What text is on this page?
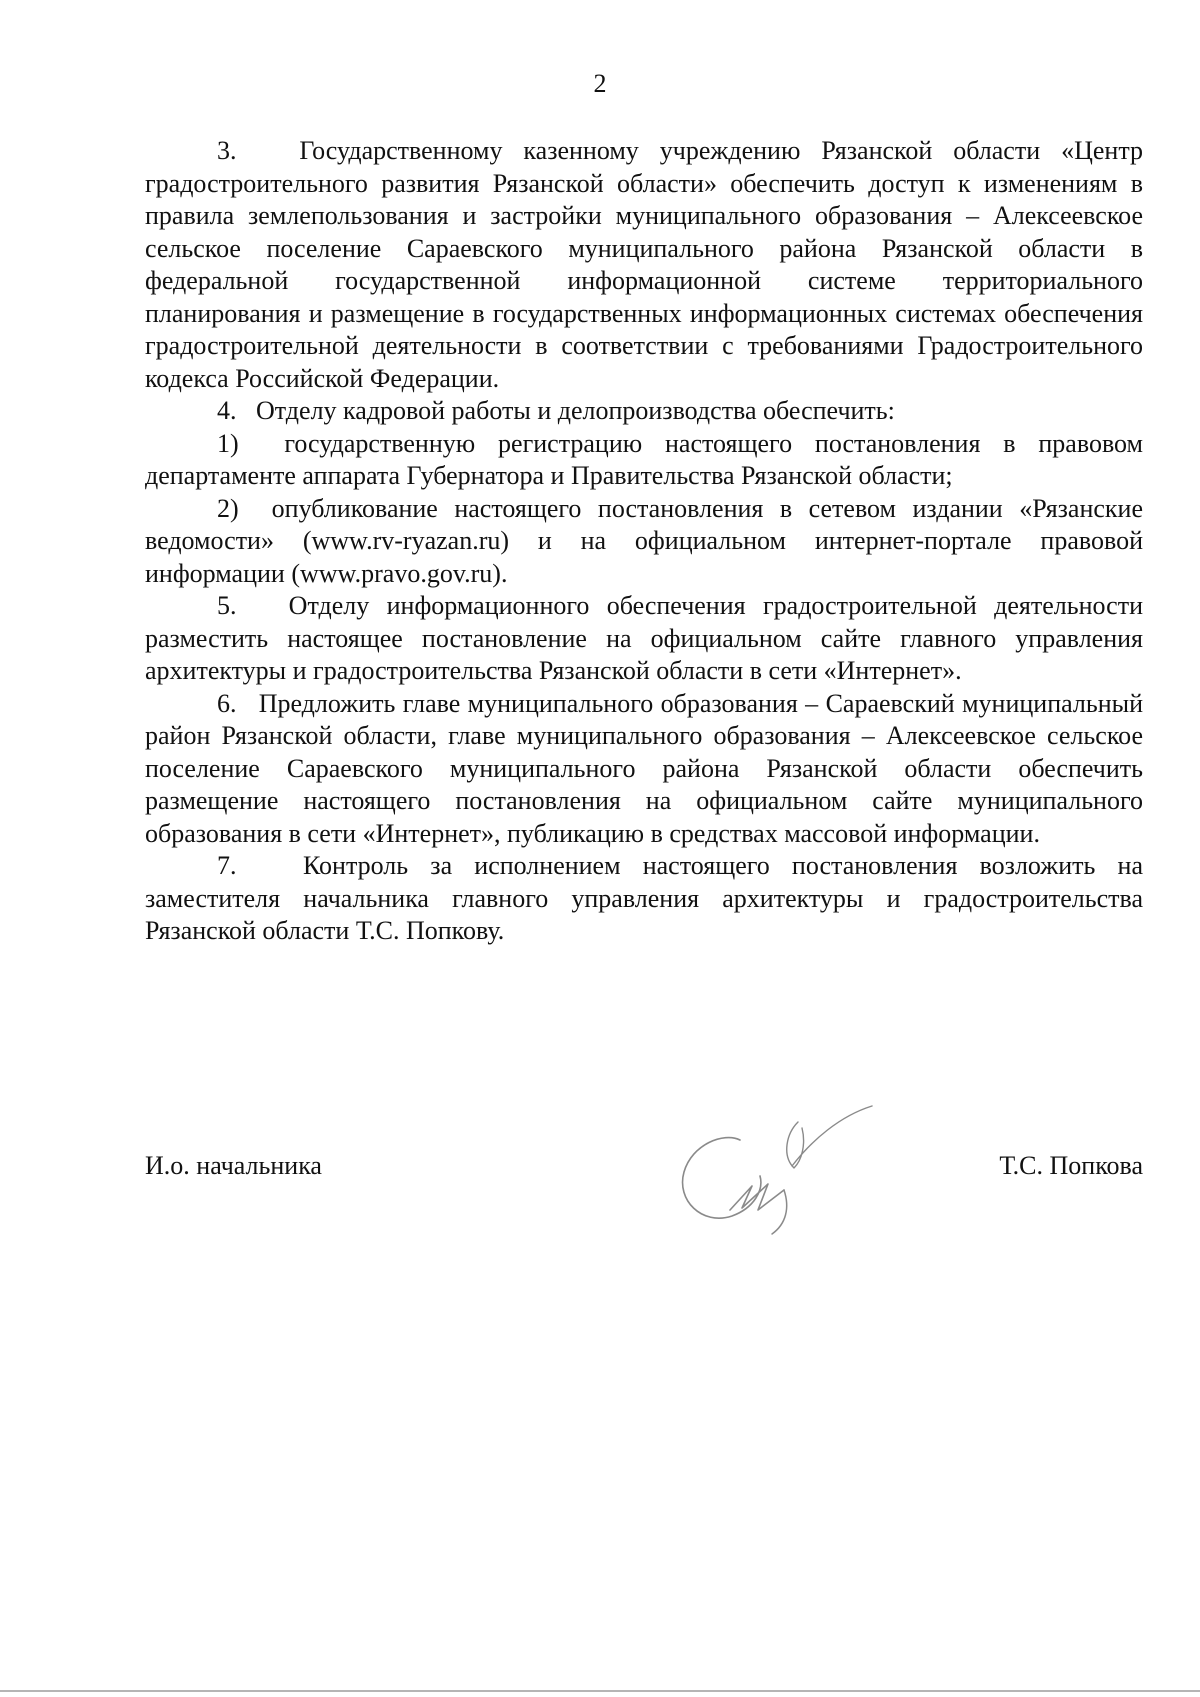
2

3.   Государственному казенному учреждению Рязанской области «Центр градостроительного развития Рязанской области» обеспечить доступ к изменениям в правила землепользования и застройки муниципального образования – Алексеевское сельское поселение Сараевского муниципального района Рязанской области в федеральной государственной информационной системе территориального планирования и размещение в государственных информационных системах обеспечения градостроительной деятельности в соответствии с требованиями Градостроительного кодекса Российской Федерации.

4.   Отделу кадровой работы и делопроизводства обеспечить:

1)  государственную регистрацию настоящего постановления в правовом департаменте аппарата Губернатора и Правительства Рязанской области;

2)  опубликование настоящего постановления в сетевом издании «Рязанские ведомости» (www.rv-ryazan.ru) и на официальном интернет-портале правовой информации (www.pravo.gov.ru).

5.   Отделу информационного обеспечения градостроительной деятельности разместить настоящее постановление на официальном сайте главного управления архитектуры и градостроительства Рязанской области в сети «Интернет».

6.   Предложить главе муниципального образования – Сараевский муниципальный район Рязанской области, главе муниципального образования – Алексеевское сельское поселение Сараевского муниципального района Рязанской области обеспечить размещение настоящего постановления на официальном сайте муниципального образования в сети «Интернет», публикацию в средствах массовой информации.

7.   Контроль за исполнением настоящего постановления возложить на заместителя начальника главного управления архитектуры и градостроительства Рязанской области Т.С. Попкову.

И.о. начальника	Т.С. Попкова
